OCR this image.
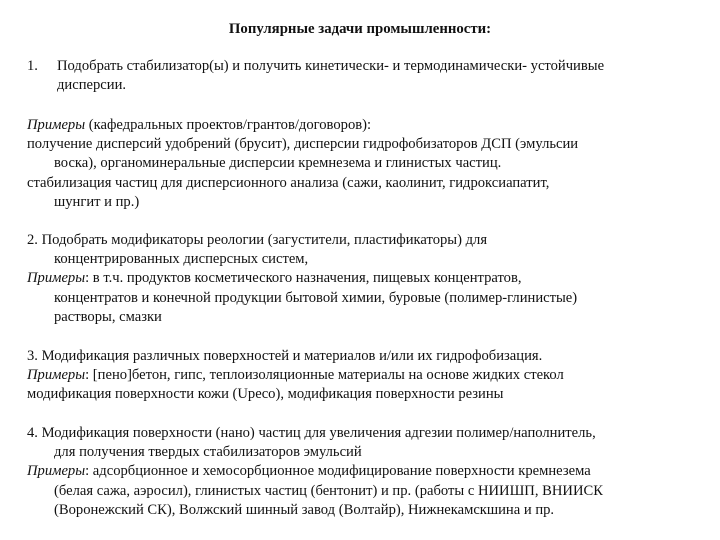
Популярные задачи промышленности:
1. Подобрать стабилизатор(ы) и получить кинетически- и термодинамически- устойчивые
дисперсии.
Примеры (кафедральных проектов/грантов/договоров):
получение дисперсий удобрений (брусит), дисперсии гидрофобизаторов ДСП (эмульсии
воска), органоминеральные дисперсии кремнезема и глинистых частиц.
стабилизация частиц для дисперсионного анализа (сажи, каолинит, гидроксиапатит,
шунгит и пр.)
2. Подобрать модификаторы реологии (загустители, пластификаторы) для
концентрированных дисперсных систем,
Примеры: в т.ч. продуктов косметического назначения, пищевых концентратов,
концентратов и конечной продукции бытовой химии, буровые (полимер-глинистые)
растворы, смазки
3. Модификация различных поверхностей и материалов и/или их гидрофобизация.
Примеры: [пено]бетон, гипс, теплоизоляционные материалы на основе жидких стекол
модификация поверхности кожи (Upeco), модификация поверхности резины
4. Модификация поверхности (нано) частиц для увеличения адгезии полимер/наполнитель,
для получения твердых стабилизаторов эмульсий
Примеры: адсорбционное и хемосорбционное модифицирование поверхности кремнезема
(белая сажа, аэросил), глинистых частиц (бентонит) и пр. (работы с НИИШП, ВНИИСК
(Воронежский СК), Волжский шинный завод (Волтайр), Нижнекамскшина и пр.
